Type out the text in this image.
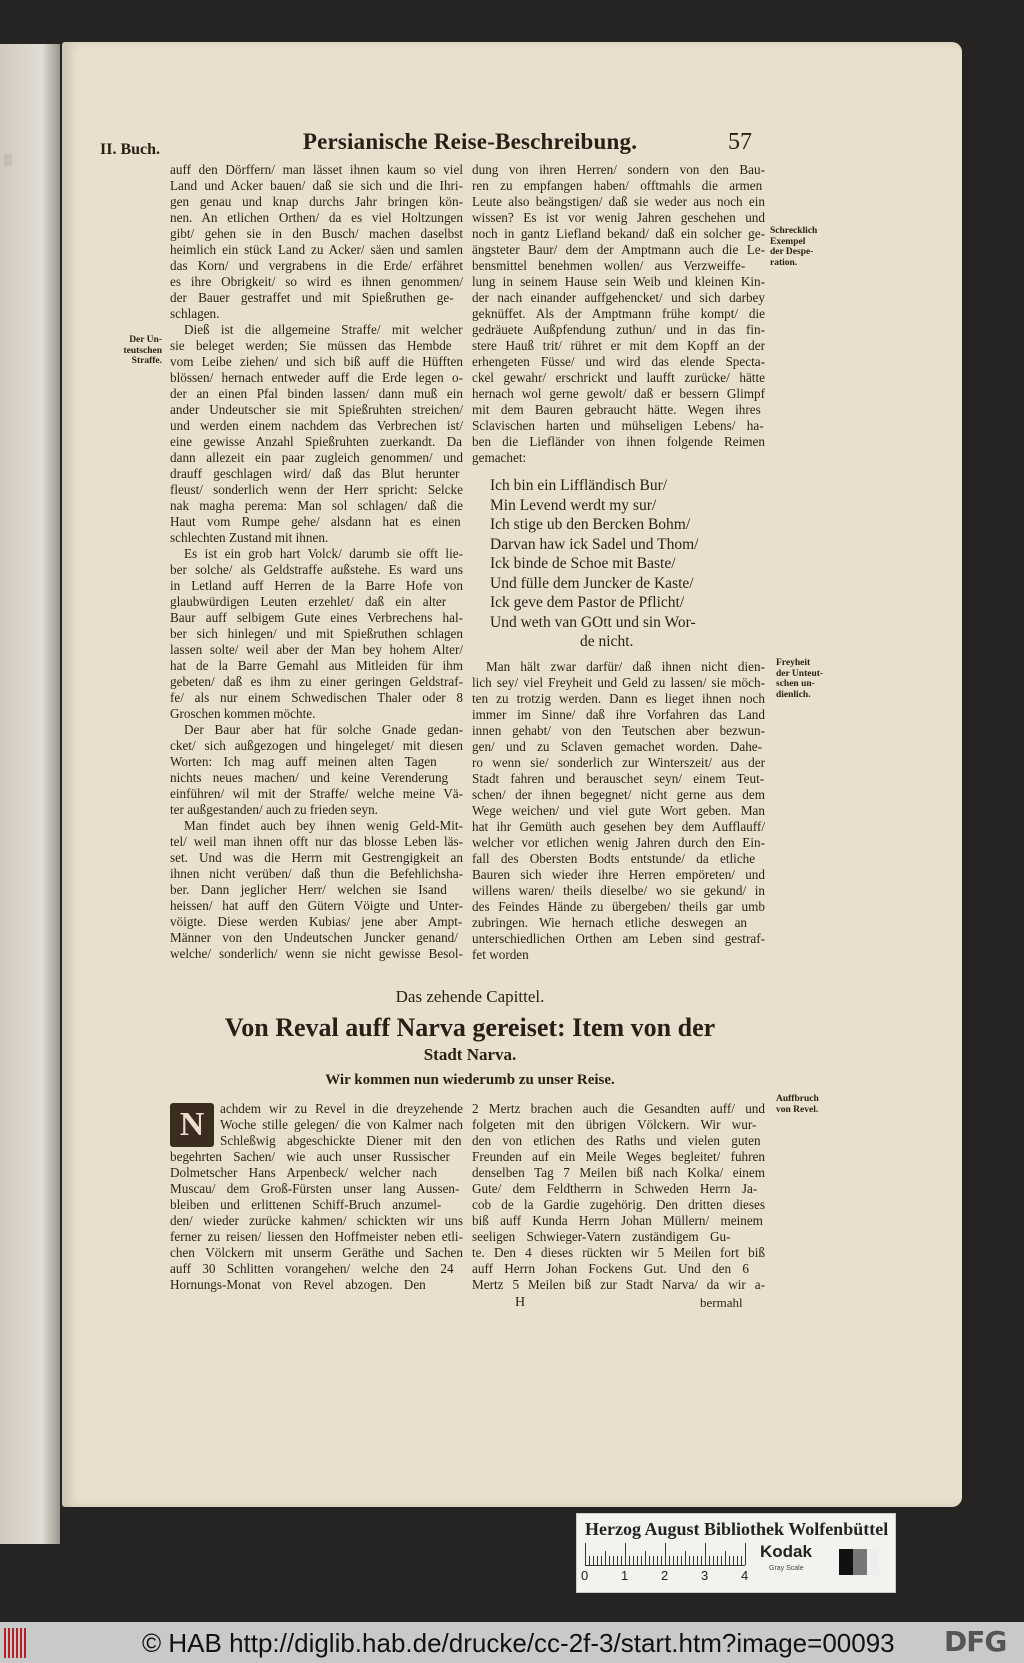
▒
II. Buch.	Persianische Reise-Beschreibung.	57
auff den Dörffern/ man lässet ihnen kaum so viel
Land und Acker bauen/ daß sie sich und die Ihri-
gen genau und knap durchs Jahr bringen kön-
nen. An etlichen Orthen/ da es viel Holtzungen
gibt/ gehen sie in den Busch/ machen daselbst
heimlich ein stück Land zu Acker/ säen und samlen
das Korn/ und vergrabens in die Erde/ erfähret
es ihre Obrigkeit/ so wird es ihnen genommen/
der Bauer gestraffet und mit Spießruthen ge-
schlagen.
Dieß ist die allgemeine Straffe/ mit welcher
sie beleget werden; Sie müssen das Hembde
vom Leibe ziehen/ und sich biß auff die Hüfften
blössen/ hernach entweder auff die Erde legen o-
der an einen Pfal binden lassen/ dann muß ein
ander Undeutscher sie mit Spießruhten streichen/
und werden einem nachdem das Verbrechen ist/
eine gewisse Anzahl Spießruhten zuerkandt. Da
dann allezeit ein paar zugleich genommen/ und
drauff geschlagen wird/ daß das Blut herunter
fleust/ sonderlich wenn der Herr spricht: Selcke
nak magha perema: Man sol schlagen/ daß die
Haut vom Rumpe gehe/ alsdann hat es einen
schlechten Zustand mit ihnen.
Es ist ein grob hart Volck/ darumb sie offt lie-
ber solche/ als Geldstraffe außstehe. Es ward uns
in Letland auff Herren de la Barre Hofe von
glaubwürdigen Leuten erzehlet/ daß ein alter
Baur auff selbigem Gute eines Verbrechens hal-
ber sich hinlegen/ und mit Spießruthen schlagen
lassen solte/ weil aber der Man bey hohem Alter/
hat de la Barre Gemahl aus Mitleiden für ihm
gebeten/ daß es ihm zu einer geringen Geldstraf-
fe/ als nur einem Schwedischen Thaler oder 8
Groschen kommen möchte.
Der Baur aber hat für solche Gnade gedan-
cket/ sich außgezogen und hingeleget/ mit diesen
Worten: Ich mag auff meinen alten Tagen
nichts neues machen/ und keine Verenderung
einführen/ wil mit der Straffe/ welche meine Vä-
ter außgestanden/ auch zu frieden seyn.
Man findet auch bey ihnen wenig Geld-Mit-
tel/ weil man ihnen offt nur das blosse Leben läs-
set. Und was die Herrn mit Gestrengigkeit an
ihnen nicht verüben/ daß thun die Befehlichsha-
ber. Dann jeglicher Herr/ welchen sie Isand
heissen/ hat auff den Gütern Vöigte und Unter-
vöigte. Diese werden Kubias/ jene aber Ampt-
Männer von den Undeutschen Juncker genand/
welche/ sonderlich/ wenn sie nicht gewisse Besol-
dung von ihren Herren/ sondern von den Bau-
ren zu empfangen haben/ offtmahls die armen
Leute also beängstigen/ daß sie weder aus noch ein
wissen? Es ist vor wenig Jahren geschehen und
noch in gantz Liefland bekand/ daß ein solcher ge-
ängsteter Baur/ dem der Amptmann auch die Le-
bensmittel benehmen wollen/ aus Verzweiffe-
lung in seinem Hause sein Weib und kleinen Kin-
der nach einander auffgehencket/ und sich darbey
geknüffet. Als der Amptmann frühe kompt/ die
gedräuete Außpfendung zuthun/ und in das fin-
stere Hauß trit/ rühret er mit dem Kopff an der
erhengeten Füsse/ und wird das elende Specta-
ckel gewahr/ erschrickt und laufft zurücke/ hätte
hernach wol gerne gewolt/ daß er bessern Glimpf
mit dem Bauren gebraucht hätte. Wegen ihres
Sclavischen harten und mühseligen Lebens/ ha-
ben die Liefländer von ihnen folgende Reimen
gemachet:
Ich bin ein Liffländisch Bur/
Min Levend werdt my sur/
Ich stige ub den Bercken Bohm/
Darvan haw ick Sadel und Thom/
Ick binde de Schoe mit Baste/
Und fülle dem Juncker de Kaste/
Ick geve dem Pastor de Pflicht/
Und weth van GOtt und sin Wor-
de nicht.
Man hält zwar darfür/ daß ihnen nicht dien-
lich sey/ viel Freyheit und Geld zu lassen/ sie möch-
ten zu trotzig werden. Dann es lieget ihnen noch
immer im Sinne/ daß ihre Vorfahren das Land
innen gehabt/ von den Teutschen aber bezwun-
gen/ und zu Sclaven gemachet worden. Dahe-
ro wenn sie/ sonderlich zur Winterszeit/ aus der
Stadt fahren und berauschet seyn/ einem Teut-
schen/ der ihnen begegnet/ nicht gerne aus dem
Wege weichen/ und viel gute Wort geben. Man
hat ihr Gemüth auch gesehen bey dem Aufflauff/
welcher vor etlichen wenig Jahren durch den Ein-
fall des Obersten Bodts entstunde/ da etliche
Bauren sich wieder ihre Herren empöreten/ und
willens waren/ theils dieselbe/ wo sie gekund/ in
des Feindes Hände zu übergeben/ theils gar umb
zubringen. Wie hernach etliche deswegen an
unterschiedlichen Orthen am Leben sind gestraf-
fet worden
Der Un-
teutschen
Straffe.
Schrecklich
Exempel
der Despe-
ration.
Freyheit
der Unteut-
schen un-
dienlich.
Auffbruch
von Revel.
Das zehende Capittel.
Von Reval auff Narva gereiset: Item von der
Stadt Narva.
Wir kommen nun wiederumb zu unser Reise.
N	achdem wir zu Revel in die dreyzehende
Woche stille gelegen/ die von Kalmer nach
Schleßwig abgeschickte Diener mit den
begehrten Sachen/ wie auch unser Russischer
Dolmetscher Hans Arpenbeck/ welcher nach
Muscau/ dem Groß-Fürsten unser lang Aussen-
bleiben und erlittenen Schiff-Bruch anzumel-
den/ wieder zurücke kahmen/ schickten wir uns
ferner zu reisen/ liessen den Hoffmeister neben etli-
chen Völckern mit unserm Geräthe und Sachen
auff 30 Schlitten vorangehen/ welche den 24
Hornungs-Monat von Revel abzogen. Den
2 Mertz brachen auch die Gesandten auff/ und
folgeten mit den übrigen Völckern. Wir wur-
den von etlichen des Raths und vielen guten
Freunden auf ein Meile Weges begleitet/ fuhren
denselben Tag 7 Meilen biß nach Kolka/ einem
Gute/ dem Feldtherrn in Schweden Herrn Ja-
cob de la Gardie zugehörig. Den dritten dieses
biß auff Kunda Herrn Johan Müllern/ meinem
seeligen Schwieger-Vatern zuständigem Gu-
te. Den 4 dieses rückten wir 5 Meilen fort biß
auff Herrn Johan Fockens Gut. Und den 6
Mertz 5 Meilen biß zur Stadt Narva/ da wir a-
H	bermahl
Herzog August Bibliothek Wolfenbüttel
0	1	2	3	4
Kodak
Gray Scale
© HAB http://diglib.hab.de/drucke/cc-2f-3/start.htm?image=00093 DFG
